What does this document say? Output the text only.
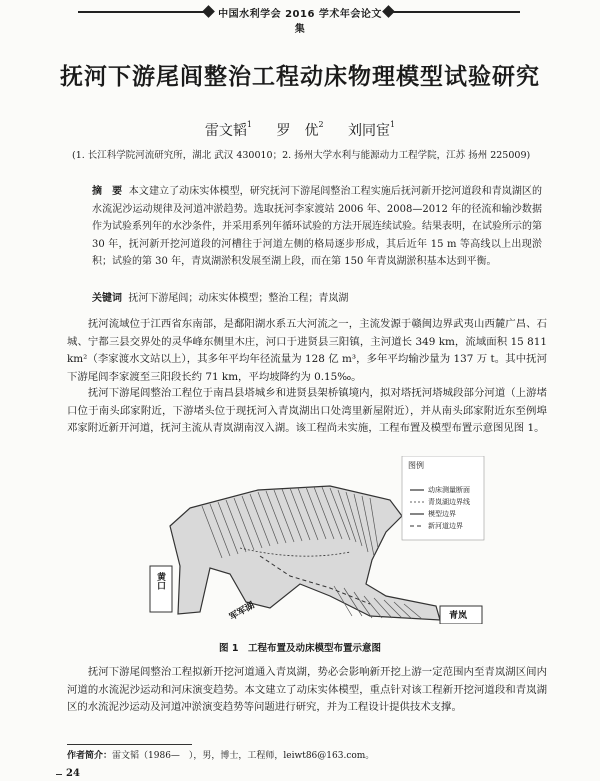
中国水利学会 2016 学术年会论文集
抚河下游尾闾整治工程动床物理模型试验研究
雷文韬$^1$ 罗　优$^2$ 刘同宦$^1$
(1. 长江科学院河流研究所，湖北 武汉 430010；2. 扬州大学水利与能源动力工程学院，江苏 扬州 225009)
摘　要 本文建立了动床实体模型，研究抚河下游尾闾整治工程实施后抚河新开挖河道段和青岚湖区的水流泥沙运动规律及河道冲淤趋势。选取抚河李家渡站 2006 年、2008—2012 年的径流和输沙数据作为试验系列年的水沙条件，并采用系列年循环试验的方法开展连续试验。结果表明，在试验所示的第 30 年，抚河新开挖河道段的河槽往于河道左侧的格局逐步形成，其后近年 15 m 等高线以上出现淤积；试验的第 30 年，青岚湖淤积发展至湖上段，而在第 150 年青岚湖淤积基本达到平衡。
关键词 抚河下游尾闾；动床实体模型；整治工程；青岚湖
  抚河流域位于江西省东南部，是鄱阳湖水系五大河流之一，主流发源于赣闽边界武夷山西麓广昌、石城、宁都三县交界处的灵华峰东侧里木庄，河口于进贤县三阳镇，主河道长 349 km，流域面积 15 811 km²（李家渡水文站以上），其多年平均年径流量为 128 亿 m³，多年平均输沙量为 137 万 t。其中抚河下游尾闾李家渡至三阳段长约 71 km，平均坡降约为 0.15‰。
  抚河下游尾闾整治工程位于南昌县塔城乡和进贤县架桥镇境内，拟对塔抚河塔城段部分河道（上游堵口位于南头邱家附近，下游堵头位于现抚河入青岚湖出口处湾里新屋附近），并从南头邱家附近东至例埠邓家附近新开河道，抚河主流从青岚湖南汊入湖。该工程尚未实施，工程布置及模型布置示意图见图 1。
图例
动床测量断面
青岚湖边界线
模型边界
新河道边界
黄口
青岚
军军湖
图 1　工程布置及动床模型布置示意图
  抚河下游尾闾整治工程拟新开挖河道通入青岚湖，势必会影响新开挖上游一定范围内至青岚湖区间内河道的水流泥沙运动和河床演变趋势。本文建立了动床实体模型，重点针对该工程新开挖河道段和青岚湖区的水流泥沙运动及河道冲淤演变趋势等问题进行研究，并为工程设计提供技术支撑。
作者简介：雷文韬（1986—　），男，博士，工程师，leiwt86@163.com。
24
